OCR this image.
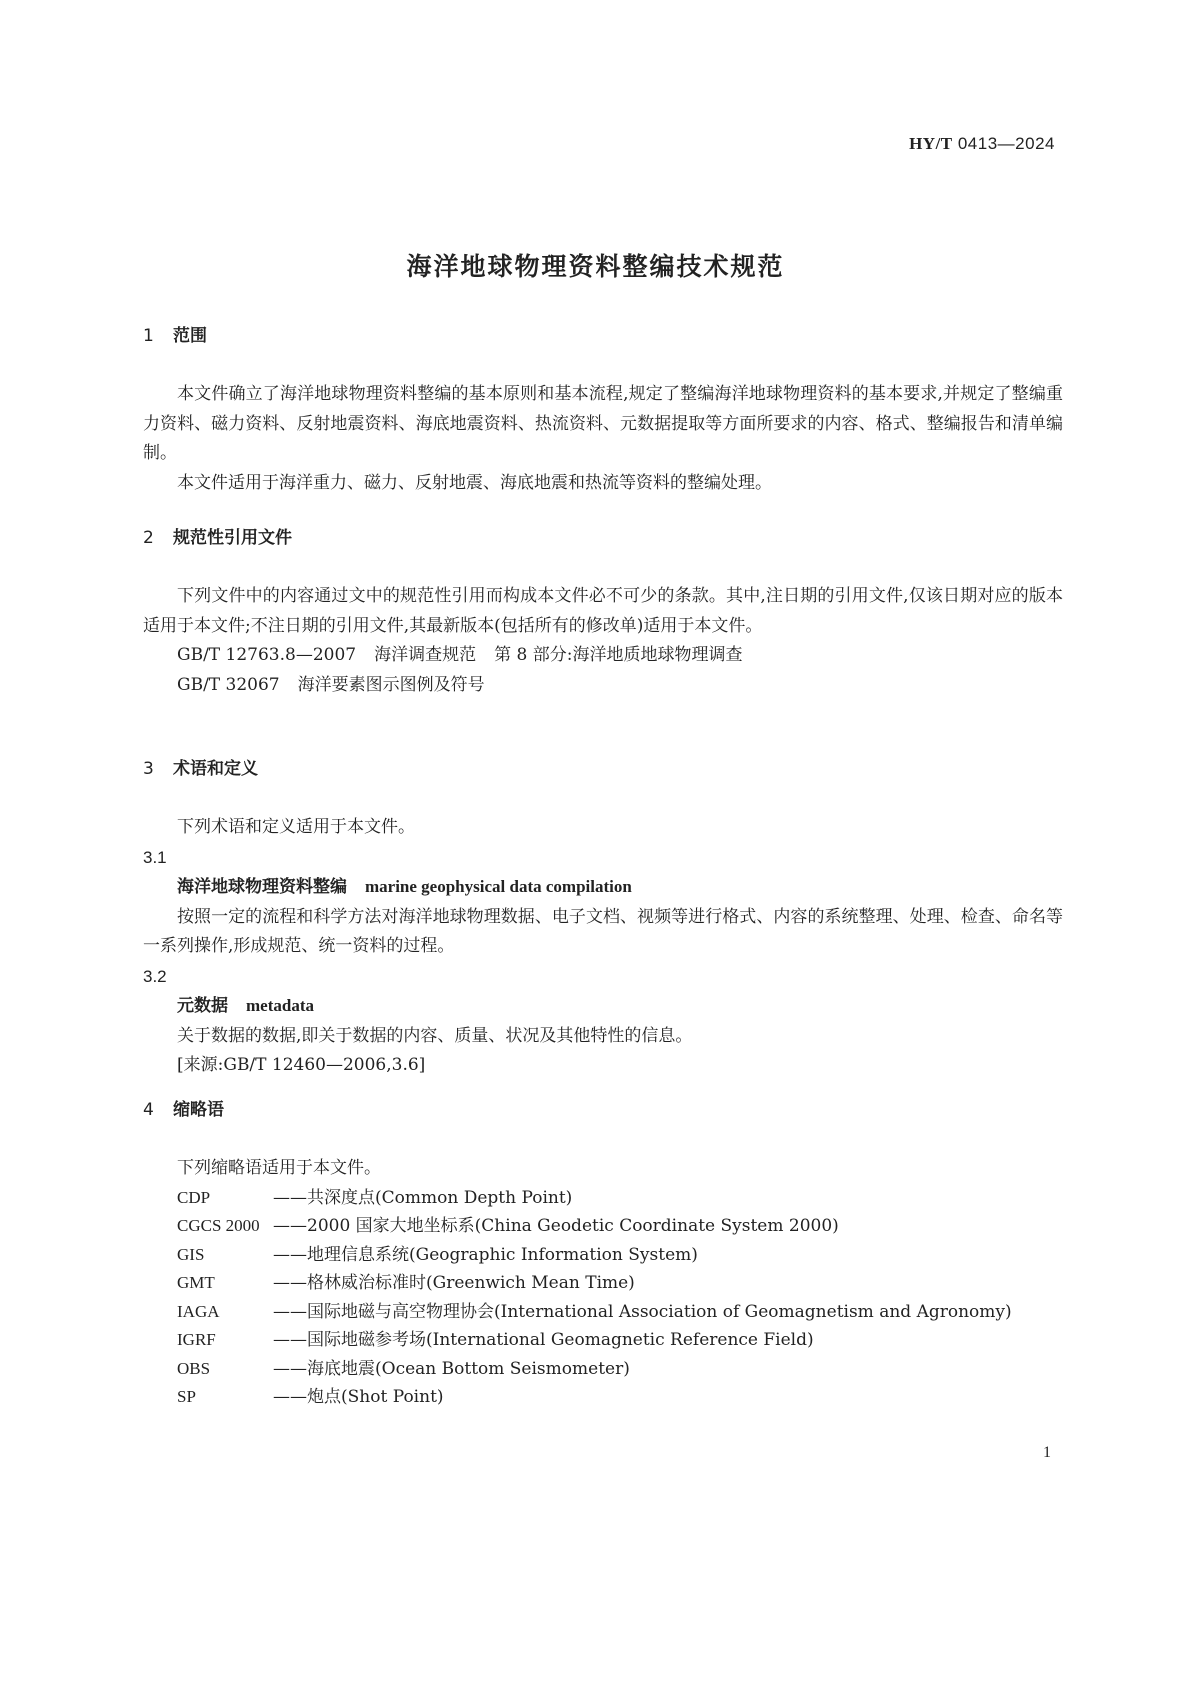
HY/T 0413—2024
海洋地球物理资料整编技术规范
1 范围
本文件确立了海洋地球物理资料整编的基本原则和基本流程,规定了整编海洋地球物理资料的基本要求,并规定了整编重力资料、磁力资料、反射地震资料、海底地震资料、热流资料、元数据提取等方面所要求的内容、格式、整编报告和清单编制。
本文件适用于海洋重力、磁力、反射地震、海底地震和热流等资料的整编处理。
2 规范性引用文件
下列文件中的内容通过文中的规范性引用而构成本文件必不可少的条款。其中,注日期的引用文件,仅该日期对应的版本适用于本文件;不注日期的引用文件,其最新版本(包括所有的修改单)适用于本文件。
GB/T 12763.8—2007 海洋调查规范 第 8 部分:海洋地质地球物理调查
GB/T 32067 海洋要素图示图例及符号
3 术语和定义
下列术语和定义适用于本文件。
3.1
海洋地球物理资料整编 marine geophysical data compilation
按照一定的流程和科学方法对海洋地球物理数据、电子文档、视频等进行格式、内容的系统整理、处理、检查、命名等一系列操作,形成规范、统一资料的过程。
3.2
元数据 metadata
关于数据的数据,即关于数据的内容、质量、状况及其他特性的信息。
[来源:GB/T 12460—2006,3.6]
4 缩略语
下列缩略语适用于本文件。
CDP	——共深度点(Common Depth Point)
CGCS 2000 ——2000 国家大地坐标系(China Geodetic Coordinate System 2000)
GIS	——地理信息系统(Geographic Information System)
GMT	——格林威治标准时(Greenwich Mean Time)
IAGA	——国际地磁与高空物理协会(International Association of Geomagnetism and Agronomy)
IGRF	——国际地磁参考场(International Geomagnetic Reference Field)
OBS	——海底地震(Ocean Bottom Seismometer)
SP	——炮点(Shot Point)
1
